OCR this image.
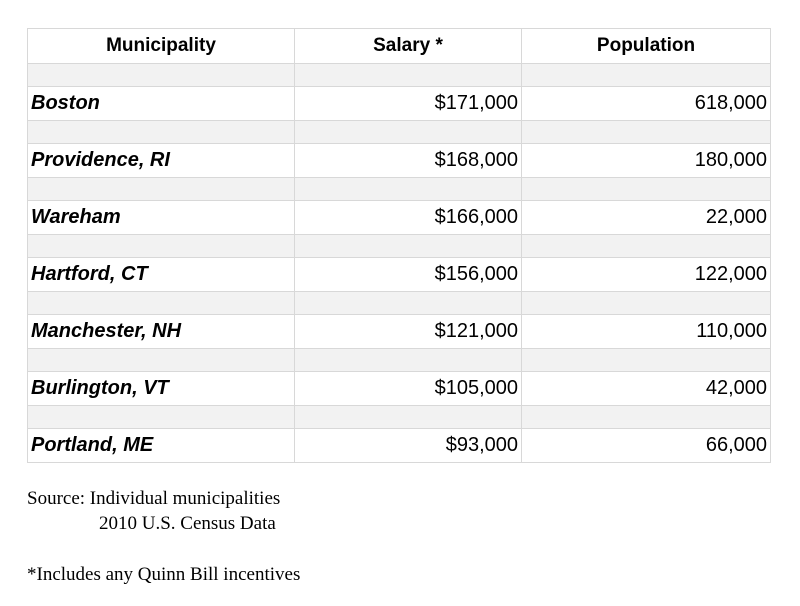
Municipality	Salary *	Population

Boston	$171,000	618,000

Providence, RI	$168,000	180,000

Wareham	$166,000	22,000

Hartford, CT	$156,000	122,000

Manchester, NH	$121,000	110,000

Burlington, VT	$105,000	42,000

Portland, ME	$93,000	66,000
Source: Individual municipalities
2010 U.S. Census Data
*Includes any Quinn Bill incentives
